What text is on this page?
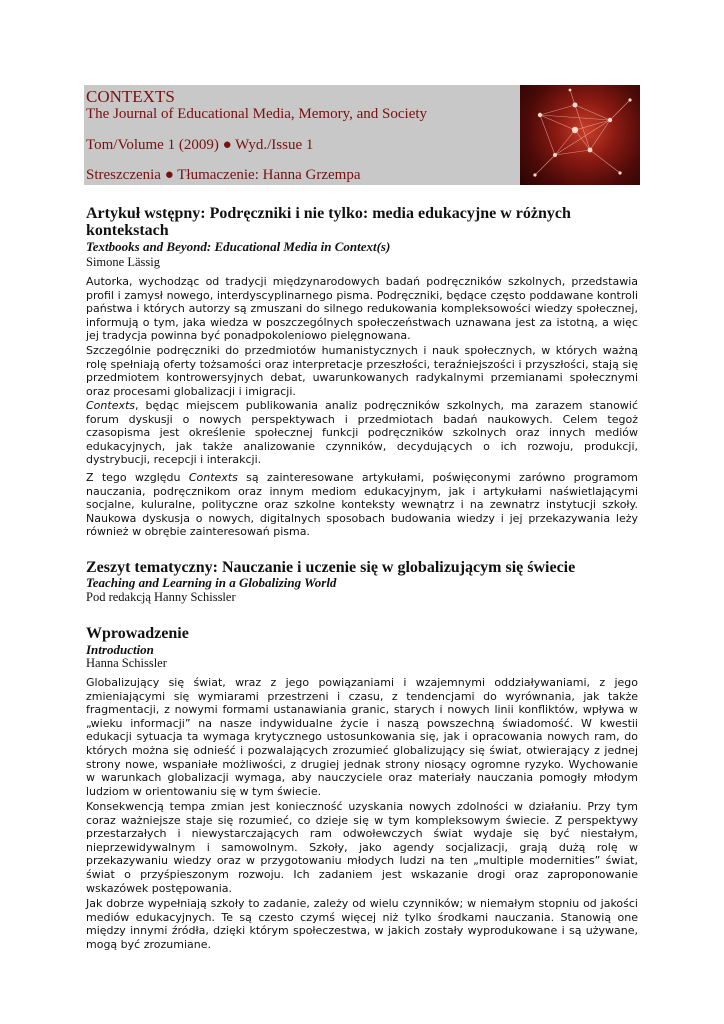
CONTEXTS
The Journal of Educational Media, Memory, and Society
Tom/Volume 1 (2009) ● Wyd./Issue 1
Streszczenia ● Tłumaczenie: Hanna Grzempa
Artykuł wstępny: Podręczniki i nie tylko: media edukacyjne w różnych kontekstach
Textbooks and Beyond: Educational Media in Context(s)
Simone Lässig

Autorka, wychodząc od tradycji międzynarodowych badań podręczników szkolnych, przedstawia profil i zamysł nowego, interdyscyplinarnego pisma. Podręczniki, będące często poddawane kontroli państwa i których autorzy są zmuszani do silnego redukowania kompleksowości wiedzy społecznej, informują o tym, jaka wiedza w poszczególnych społeczeństwach uznawana jest za istotną, a więc jej tradycja powinna być ponadpokoleniowo pielęgnowana.

Szczególnie podręczniki do przedmiotów humanistycznych i nauk społecznych, w których ważną rolę spełniają oferty tożsamości oraz interpretacje przeszłości, teraźniejszości i przyszłości, stają się przedmiotem kontrowersyjnych debat, uwarunkowanych radykalnymi przemianami społecznymi oraz procesami globalizacji i imigracji.

Contexts, będąc miejscem publikowania analiz podręczników szkolnych, ma zarazem stanowić forum dyskusji o nowych perspektywach i przedmiotach badań naukowych. Celem tegoż czasopisma jest określenie społecznej funkcji podręczników szkolnych oraz innych mediów edukacyjnych, jak także analizowanie czynników, decydujących o ich rozwoju, produkcji, dystrybucji, recepcji i interakcji.

Z tego względu Contexts są zainteresowane artykułami, poświęconymi zarówno programom nauczania, podręcznikom oraz innym mediom edukacyjnym, jak i artykułami naświetlającymi socjalne, kuluralne, polityczne oraz szkolne konteksty wewnątrz i na zewnatrz instytucji szkoły. Naukowa dyskusja o nowych, digitalnych sposobach budowania wiedzy i jej przekazywania leży również w obrębie zainteresowań pisma.

Zeszyt tematyczny: Nauczanie i uczenie się w globalizującym się świecie
Teaching and Learning in a Globalizing World
Pod redakcją Hanny Schissler
Wprowadzenie
Introduction
Hanna Schissler

Globalizujący się świat, wraz z jego powiązaniami i wzajemnymi oddziaływaniami, z jego zmieniającymi się wymiarami przestrzeni i czasu, z tendencjami do wyrównania, jak także fragmentacji, z nowymi formami ustanawiania granic, starych i nowych linii konfliktów, wpływa w „wieku informacji” na nasze indywidualne życie i naszą powszechną świadomość. W kwestii edukacji sytuacja ta wymaga krytycznego ustosunkowania się, jak i opracowania nowych ram, do których można się odnieść i pozwalających zrozumieć globalizujący się świat, otwierający z jednej strony nowe, wspaniałe możliwości, z drugiej jednak strony niosący ogromne ryzyko. Wychowanie w warunkach globalizacji wymaga, aby nauczyciele oraz materiały nauczania pomogły młodym ludziom w orientowaniu się w tym świecie.

Konsekwencją tempa zmian jest konieczność uzyskania nowych zdolności w działaniu. Przy tym coraz ważniejsze staje się rozumieć, co dzieje się w tym kompleksowym świecie. Z perspektywy przestarzałych i niewystarczających ram odwołewczych świat wydaje się być niestałym, nieprzewidywalnym i samowolnym. Szkoły, jako agendy socjalizacji, grają dużą rolę w przekazywaniu wiedzy oraz w przygotowaniu młodych ludzi na ten „multiple modernities” świat, świat o przyśpieszonym rozwoju. Ich zadaniem jest wskazanie drogi oraz zaproponowanie wskazówek postępowania.

Jak dobrze wypełniają szkoły to zadanie, zależy od wielu czynników; w niemałym stopniu od jakości mediów edukacyjnych. Te są czesto czymś więcej niż tylko środkami nauczania. Stanowią one między innymi źródła, dzięki którym społeczestwa, w jakich zostały wyprodukowane i są używane, mogą być zrozumiane.
